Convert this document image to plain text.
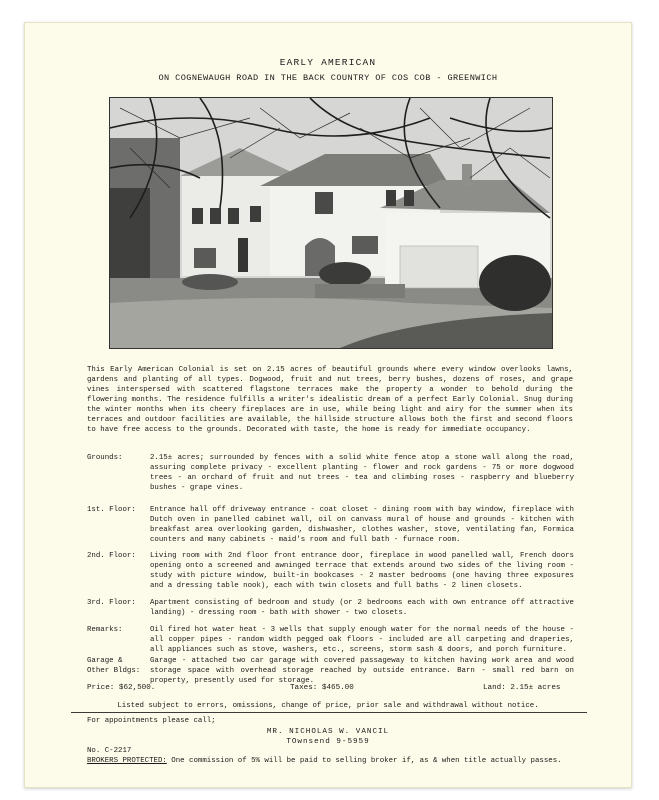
EARLY AMERICAN
ON COGNEWAUGH ROAD IN THE BACK COUNTRY OF COS COB - GREENWICH
This Early American Colonial is set on 2.15 acres of beautiful grounds where every window overlooks lawns, gardens and planting of all types. Dogwood, fruit and nut trees, berry bushes, dozens of roses, and grape vines interspersed with scattered flagstone terraces make the property a wonder to behold during the flowering months. The residence fulfills a writer's idealistic dream of a perfect Early Colonial. Snug during the winter months when its cheery fireplaces are in use, while being light and airy for the summer when its terraces and outdoor facilities are available, the hillside structure allows both the first and second floors to have free access to the grounds. Decorated with taste, the home is ready for immediate occupancy.
Grounds:	2.15± acres; surrounded by fences with a solid white fence atop a stone wall along the road, assuring complete privacy - excellent planting - flower and rock gardens - 75 or more dogwood trees - an orchard of fruit and nut trees - tea and climbing roses - raspberry and blueberry bushes - grape vines.
1st. Floor:	Entrance hall off driveway entrance - coat closet - dining room with bay window, fireplace with Dutch oven in panelled cabinet wall, oil on canvass mural of house and grounds - kitchen with breakfast area overlooking garden, dishwasher, clothes washer, stove, ventilating fan, Formica counters and many cabinets - maid's room and full bath - furnace room.
2nd. Floor:	Living room with 2nd floor front entrance door, fireplace in wood panelled wall, French doors opening onto a screened and awninged terrace that extends around two sides of the living room - study with picture window, built-in bookcases - 2 master bedrooms (one having three exposures and a dressing table nook), each with twin closets and full baths - 2 linen closets.
3rd. Floor:	Apartment consisting of bedroom and study (or 2 bedrooms each with own entrance off attractive landing) - dressing room - bath with shower - two closets.
Remarks:	Oil fired hot water heat - 3 wells that supply enough water for the normal needs of the house - all copper pipes - random width pegged oak floors - included are all carpeting and draperies, all appliances such as stove, washers, etc., screens, storm sash & doors, and porch furniture.
Garage & Other Bldgs:
Garage - attached two car garage with covered passageway to kitchen having work area and wood storage space with overhead storage reached by outside entrance. Barn - small red barn on property, presently used for storage.
Price: $62,500.	Taxes: $465.00	Land: 2.15± acres
Listed subject to errors, omissions, change of price, prior sale and withdrawal without notice.
For appointments please call;
MR. NICHOLAS W. VANCIL
TOwnsend 9-5959
No. C-2217
BROKERS PROTECTED: One commission of 5% will be paid to selling broker if, as & when title actually passes.
